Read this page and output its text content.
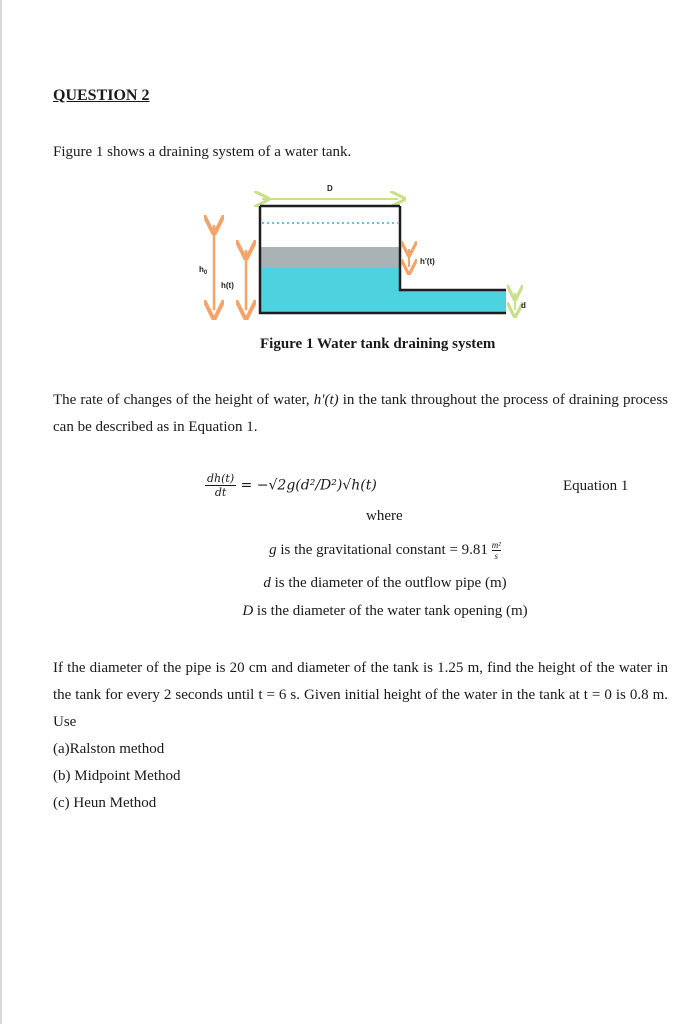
QUESTION 2
Figure 1 shows a draining system of a water tank.
D
$h_0$
h(t)
h'(t)
d
Figure 1 Water tank draining system
The rate of changes of the height of water, h'(t) in the tank throughout the process of draining process can be described as in Equation 1.
$\frac{dh(t)}{dt} = -√2g(d^2/D^2)√h(t)$	Equation 1
where
g is the gravitational constant = $9.81 \frac{\text{m²}}{s}$
d is the diameter of the outflow pipe (m)
D is the diameter of the water tank opening (m)
If the diameter of the pipe is 20 cm and diameter of the tank is 1.25 m, find the height of the water in the tank for every 2 seconds until t = 6 s. Given initial height of the water in the tank at t = 0 is 0.8 m. Use
(a)Ralston method
(b) Midpoint Method
(c) Heun Method
